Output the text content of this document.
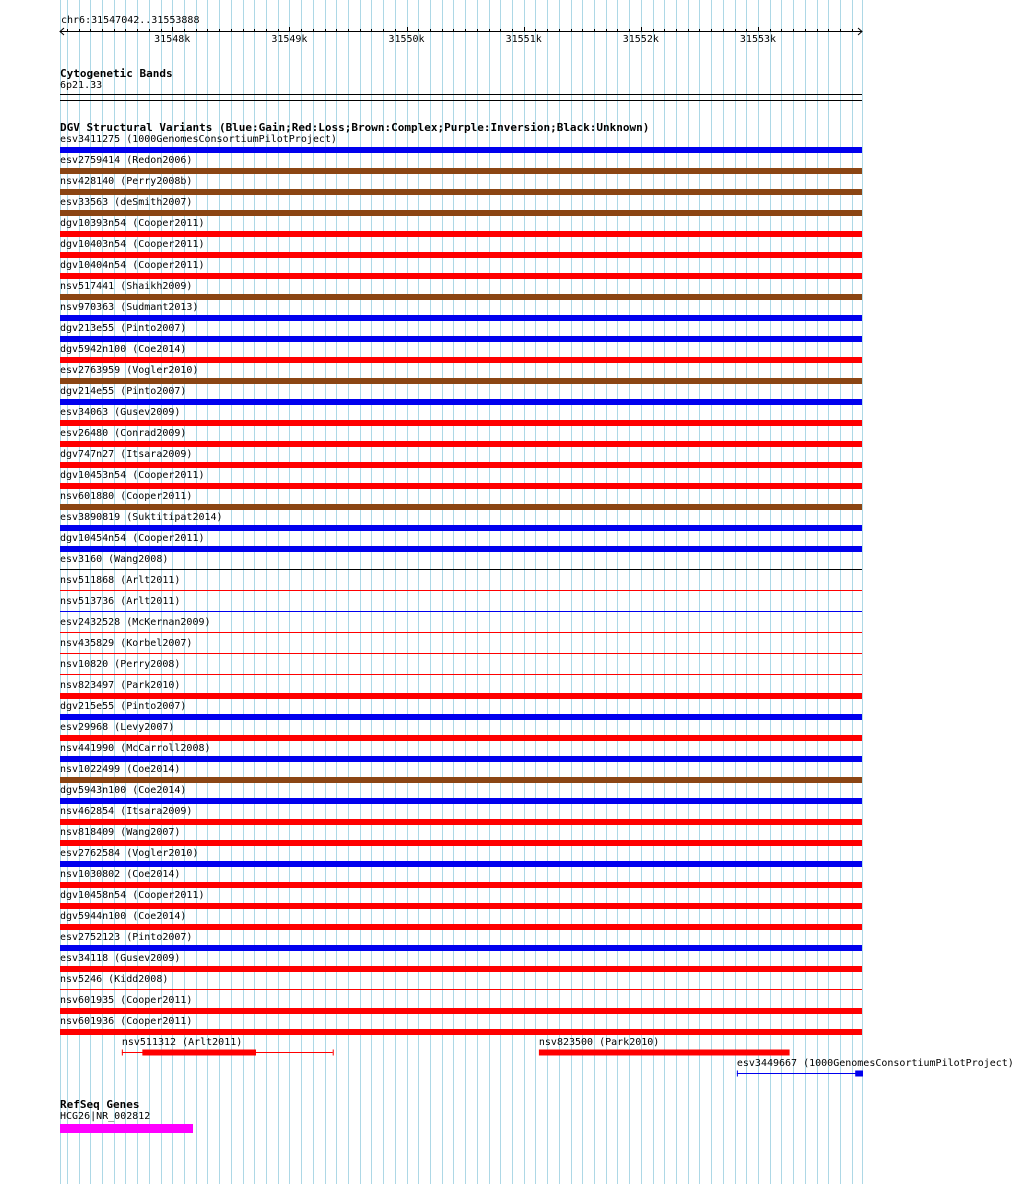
chr6:31547042..31553888
31548k	31549k	31550k	31551k	31552k	31553k
Cytogenetic Bands
6p21.33
DGV Structural Variants (Blue:Gain;Red:Loss;Brown:Complex;Purple:Inversion;Black:Unknown)
esv3411275 (1000GenomesConsortiumPilotProject)
esv2759414 (Redon2006)
nsv428140 (Perry2008b)
esv33563 (deSmith2007)
dgv10393n54 (Cooper2011)
dgv10403n54 (Cooper2011)
dgv10404n54 (Cooper2011)
nsv517441 (Shaikh2009)
nsv970363 (Sudmant2013)
dgv213e55 (Pinto2007)
dgv5942n100 (Coe2014)
esv2763959 (Vogler2010)
dgv214e55 (Pinto2007)
esv34063 (Gusev2009)
esv26480 (Conrad2009)
dgv747n27 (Itsara2009)
dgv10453n54 (Cooper2011)
nsv601880 (Cooper2011)
esv3890819 (Suktitipat2014)
dgv10454n54 (Cooper2011)
esv3160 (Wang2008)
nsv511868 (Arlt2011)
nsv513736 (Arlt2011)
esv2432528 (McKernan2009)
nsv435829 (Korbel2007)
nsv10820 (Perry2008)
nsv823497 (Park2010)
dgv215e55 (Pinto2007)
esv29968 (Levy2007)
nsv441990 (McCarroll2008)
nsv1022499 (Coe2014)
dgv5943n100 (Coe2014)
nsv462854 (Itsara2009)
nsv818409 (Wang2007)
esv2762584 (Vogler2010)
nsv1030802 (Coe2014)
dgv10458n54 (Cooper2011)
dgv5944n100 (Coe2014)
esv2752123 (Pinto2007)
esv34118 (Gusev2009)
nsv5246 (Kidd2008)
nsv601935 (Cooper2011)
nsv601936 (Cooper2011)
nsv511312 (Arlt2011)	nsv823500 (Park2010)
esv3449667 (1000GenomesConsortiumPilotProject)
RefSeq Genes
HCG26|NR_002812
